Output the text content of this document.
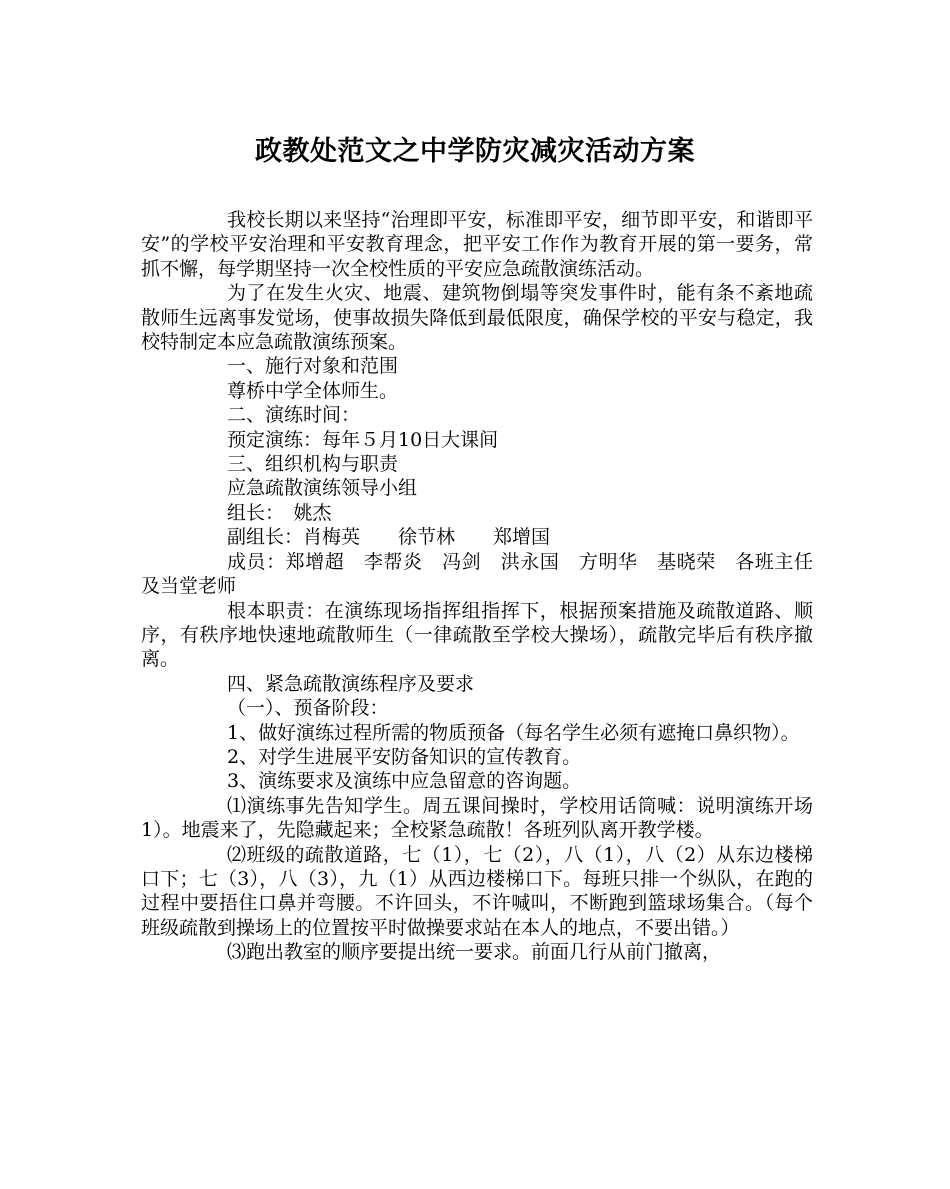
政教处范文之中学防灾减灾活动方案

我校长期以来坚持“治理即平安，标准即平安，细节即平安，和谐即平安”的学校平安治理和平安教育理念，把平安工作作为教育开展的第一要务，常抓不懈，每学期坚持一次全校性质的平安应急疏散演练活动。

为了在发生火灾、地震、建筑物倒塌等突发事件时，能有条不紊地疏散师生远离事发觉场，使事故损失降低到最低限度，确保学校的平安与稳定，我校特制定本应急疏散演练预案。

一、施行对象和范围

尊桥中学全体师生。

二、演练时间：

预定演练：每年５月10日大课间

三、组织机构与职责

应急疏散演练领导小组

组长：　姚杰

副组长：肖梅英　　徐节林　　郑增国

成员：郑增超　李帮炎　冯剑　洪永国　方明华　基晓荣　各班主任及当堂老师

根本职责：在演练现场指挥组指挥下，根据预案措施及疏散道路、顺序，有秩序地快速地疏散师生（一律疏散至学校大操场），疏散完毕后有秩序撤离。

四、紧急疏散演练程序及要求

（一）、预备阶段：

1、做好演练过程所需的物质预备（每名学生必须有遮掩口鼻织物）。

2、对学生进展平安防备知识的宣传教育。

3、演练要求及演练中应急留意的咨询题。

⑴演练事先告知学生。周五课间操时，学校用话筒喊：说明演练开场1）。地震来了，先隐藏起来；全校紧急疏散！各班列队离开教学楼。

⑵班级的疏散道路，七（1），七（2），八（1），八（2）从东边楼梯口下；七（3），八（3），九（1）从西边楼梯口下。每班只排一个纵队，在跑的过程中要捂住口鼻并弯腰。不许回头，不许喊叫，不断跑到篮球场集合。（每个班级疏散到操场上的位置按平时做操要求站在本人的地点，不要出错。）

⑶跑出教室的顺序要提出统一要求。前面几行从前门撤离，
